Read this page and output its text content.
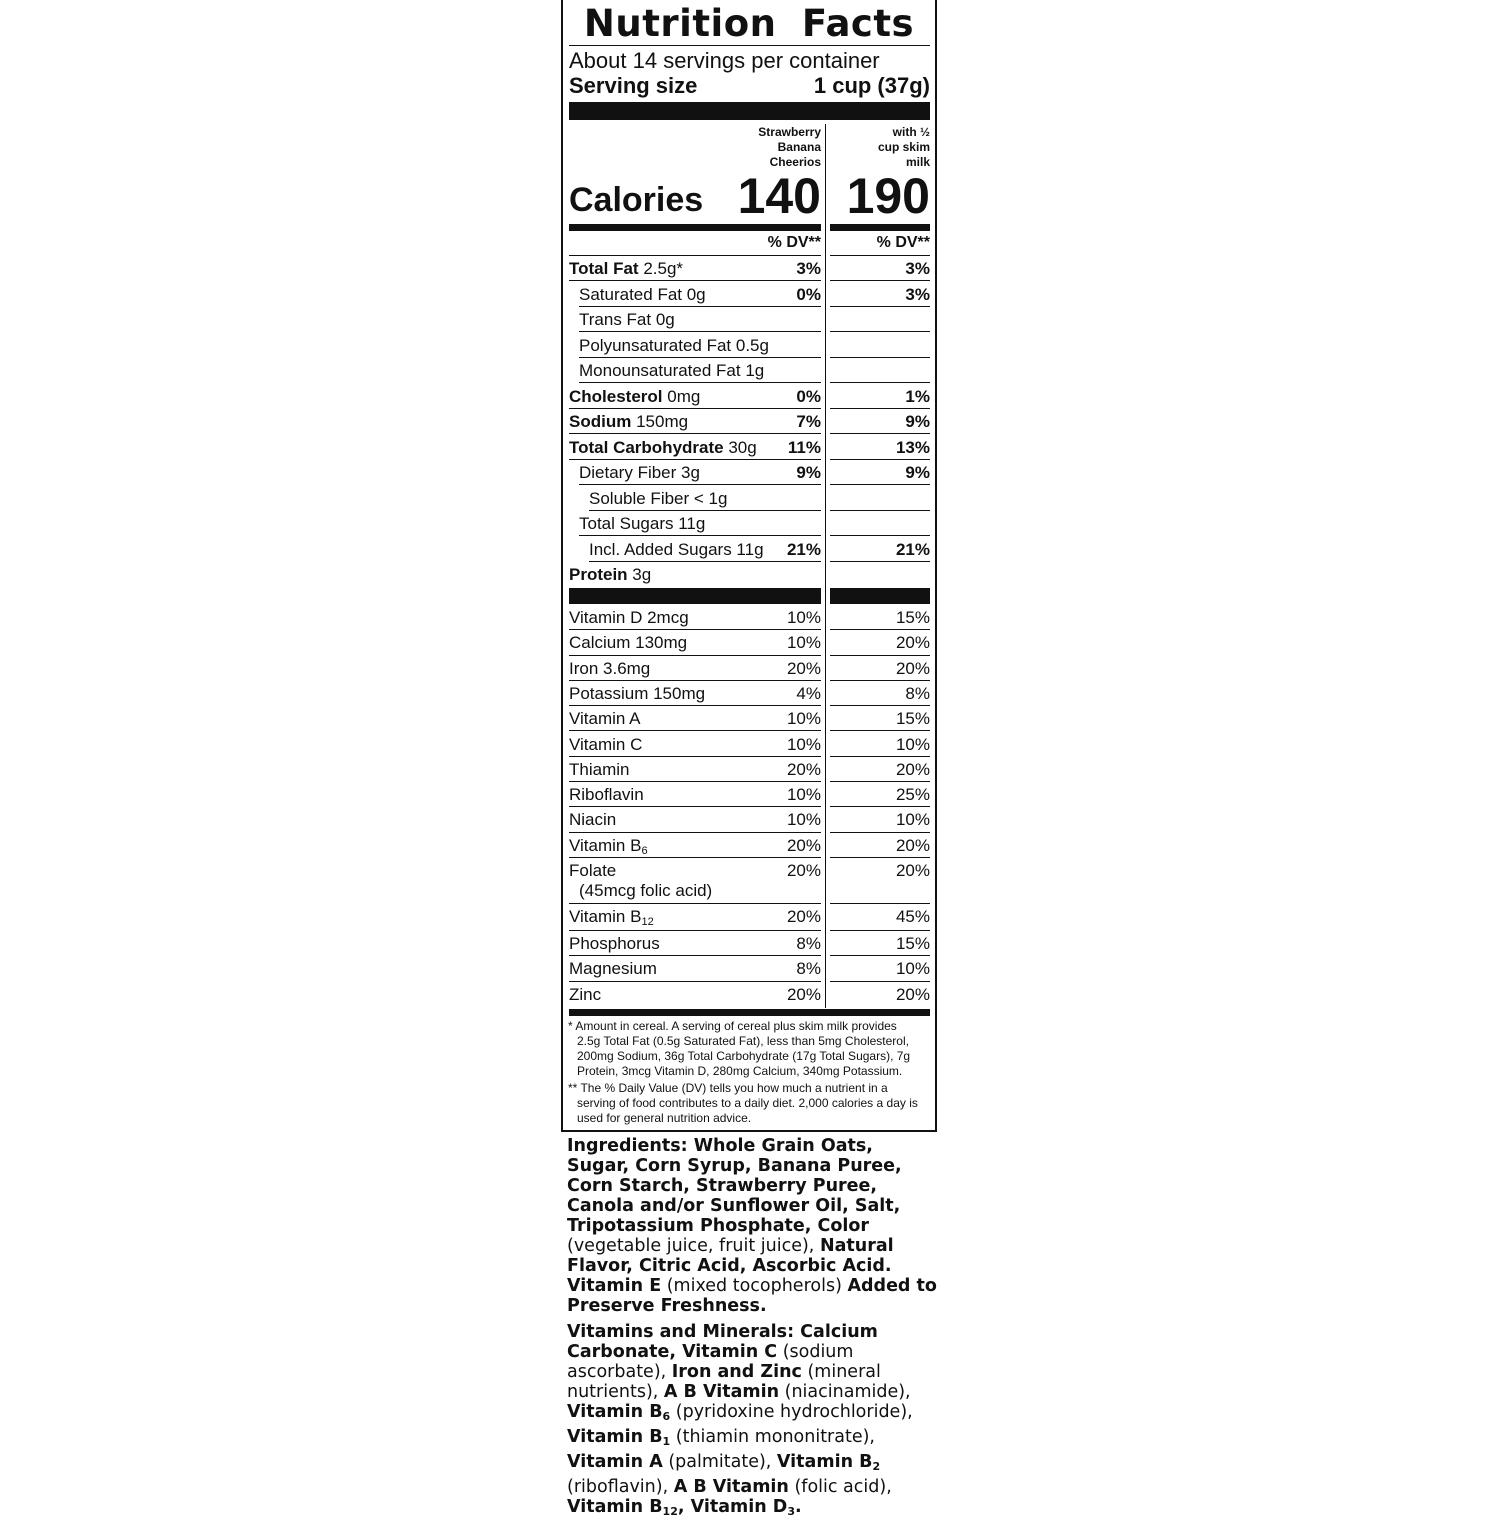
Nutrition Facts
About 14 servings per container
Serving size	1 cup (37g)
Strawberry
Banana
Cheerios
with ½
cup skim
milk
Calories 140 190
% DV**	% DV**
Total Fat 2.5g*	3%	3%
Saturated Fat 0g	0%	3%
Trans Fat 0g
Polyunsaturated Fat 0.5g
Monounsaturated Fat 1g
Cholesterol 0mg	0%	1%
Sodium 150mg	7%	9%
Total Carbohydrate 30g	11%	13%
Dietary Fiber 3g	9%	9%
Soluble Fiber < 1g
Total Sugars 11g
Incl. Added Sugars 11g	21%	21%
Protein 3g
Vitamin D 2mcg	10%	15%
Calcium 130mg	10%	20%
Iron 3.6mg	20%	20%
Potassium 150mg	4%	8%
Vitamin A	10%	15%
Vitamin C	10%	10%
Thiamin	20%	20%
Riboflavin	10%	25%
Niacin	10%	10%
Vitamin $B_6$	20%	20%
Folate
(45mcg folic acid)
20%	20%
Vitamin $B_{12}$	20%	45%
Phosphorus	8%	15%
Magnesium	8%	10%
Zinc	20%	20%
* Amount in cereal. A serving of cereal plus skim milk provides
2.5g Total Fat (0.5g Saturated Fat), less than 5mg Cholesterol, 200mg Sodium, 36g Total Carbohydrate (17g Total Sugars), 7g Protein, 3mcg Vitamin D, 280mg Calcium, 340mg Potassium.
** The % Daily Value (DV) tells you how much a nutrient in a
serving of food contributes to a daily diet. 2,000 calories a day is used for general nutrition advice.
Ingredients: Whole Grain Oats, Sugar, Corn Syrup, Banana Puree, Corn Starch, Strawberry Puree, Canola and/or Sunflower Oil, Salt, Tripotassium Phosphate, Color (vegetable juice, fruit juice), Natural Flavor, Citric Acid, Ascorbic Acid. Vitamin E (mixed tocopherols) Added to Preserve Freshness.
Vitamins and Minerals: Calcium Carbonate, Vitamin C (sodium ascorbate), Iron and Zinc (mineral nutrients), A B Vitamin (niacinamide), Vitamin $B_6$ (pyridoxine hydrochloride), Vitamin $B_1$ (thiamin mononitrate), Vitamin A (palmitate), Vitamin $B_2$ (riboflavin), A B Vitamin (folic acid), Vitamin $B_{12}$, Vitamin $D_3$.
